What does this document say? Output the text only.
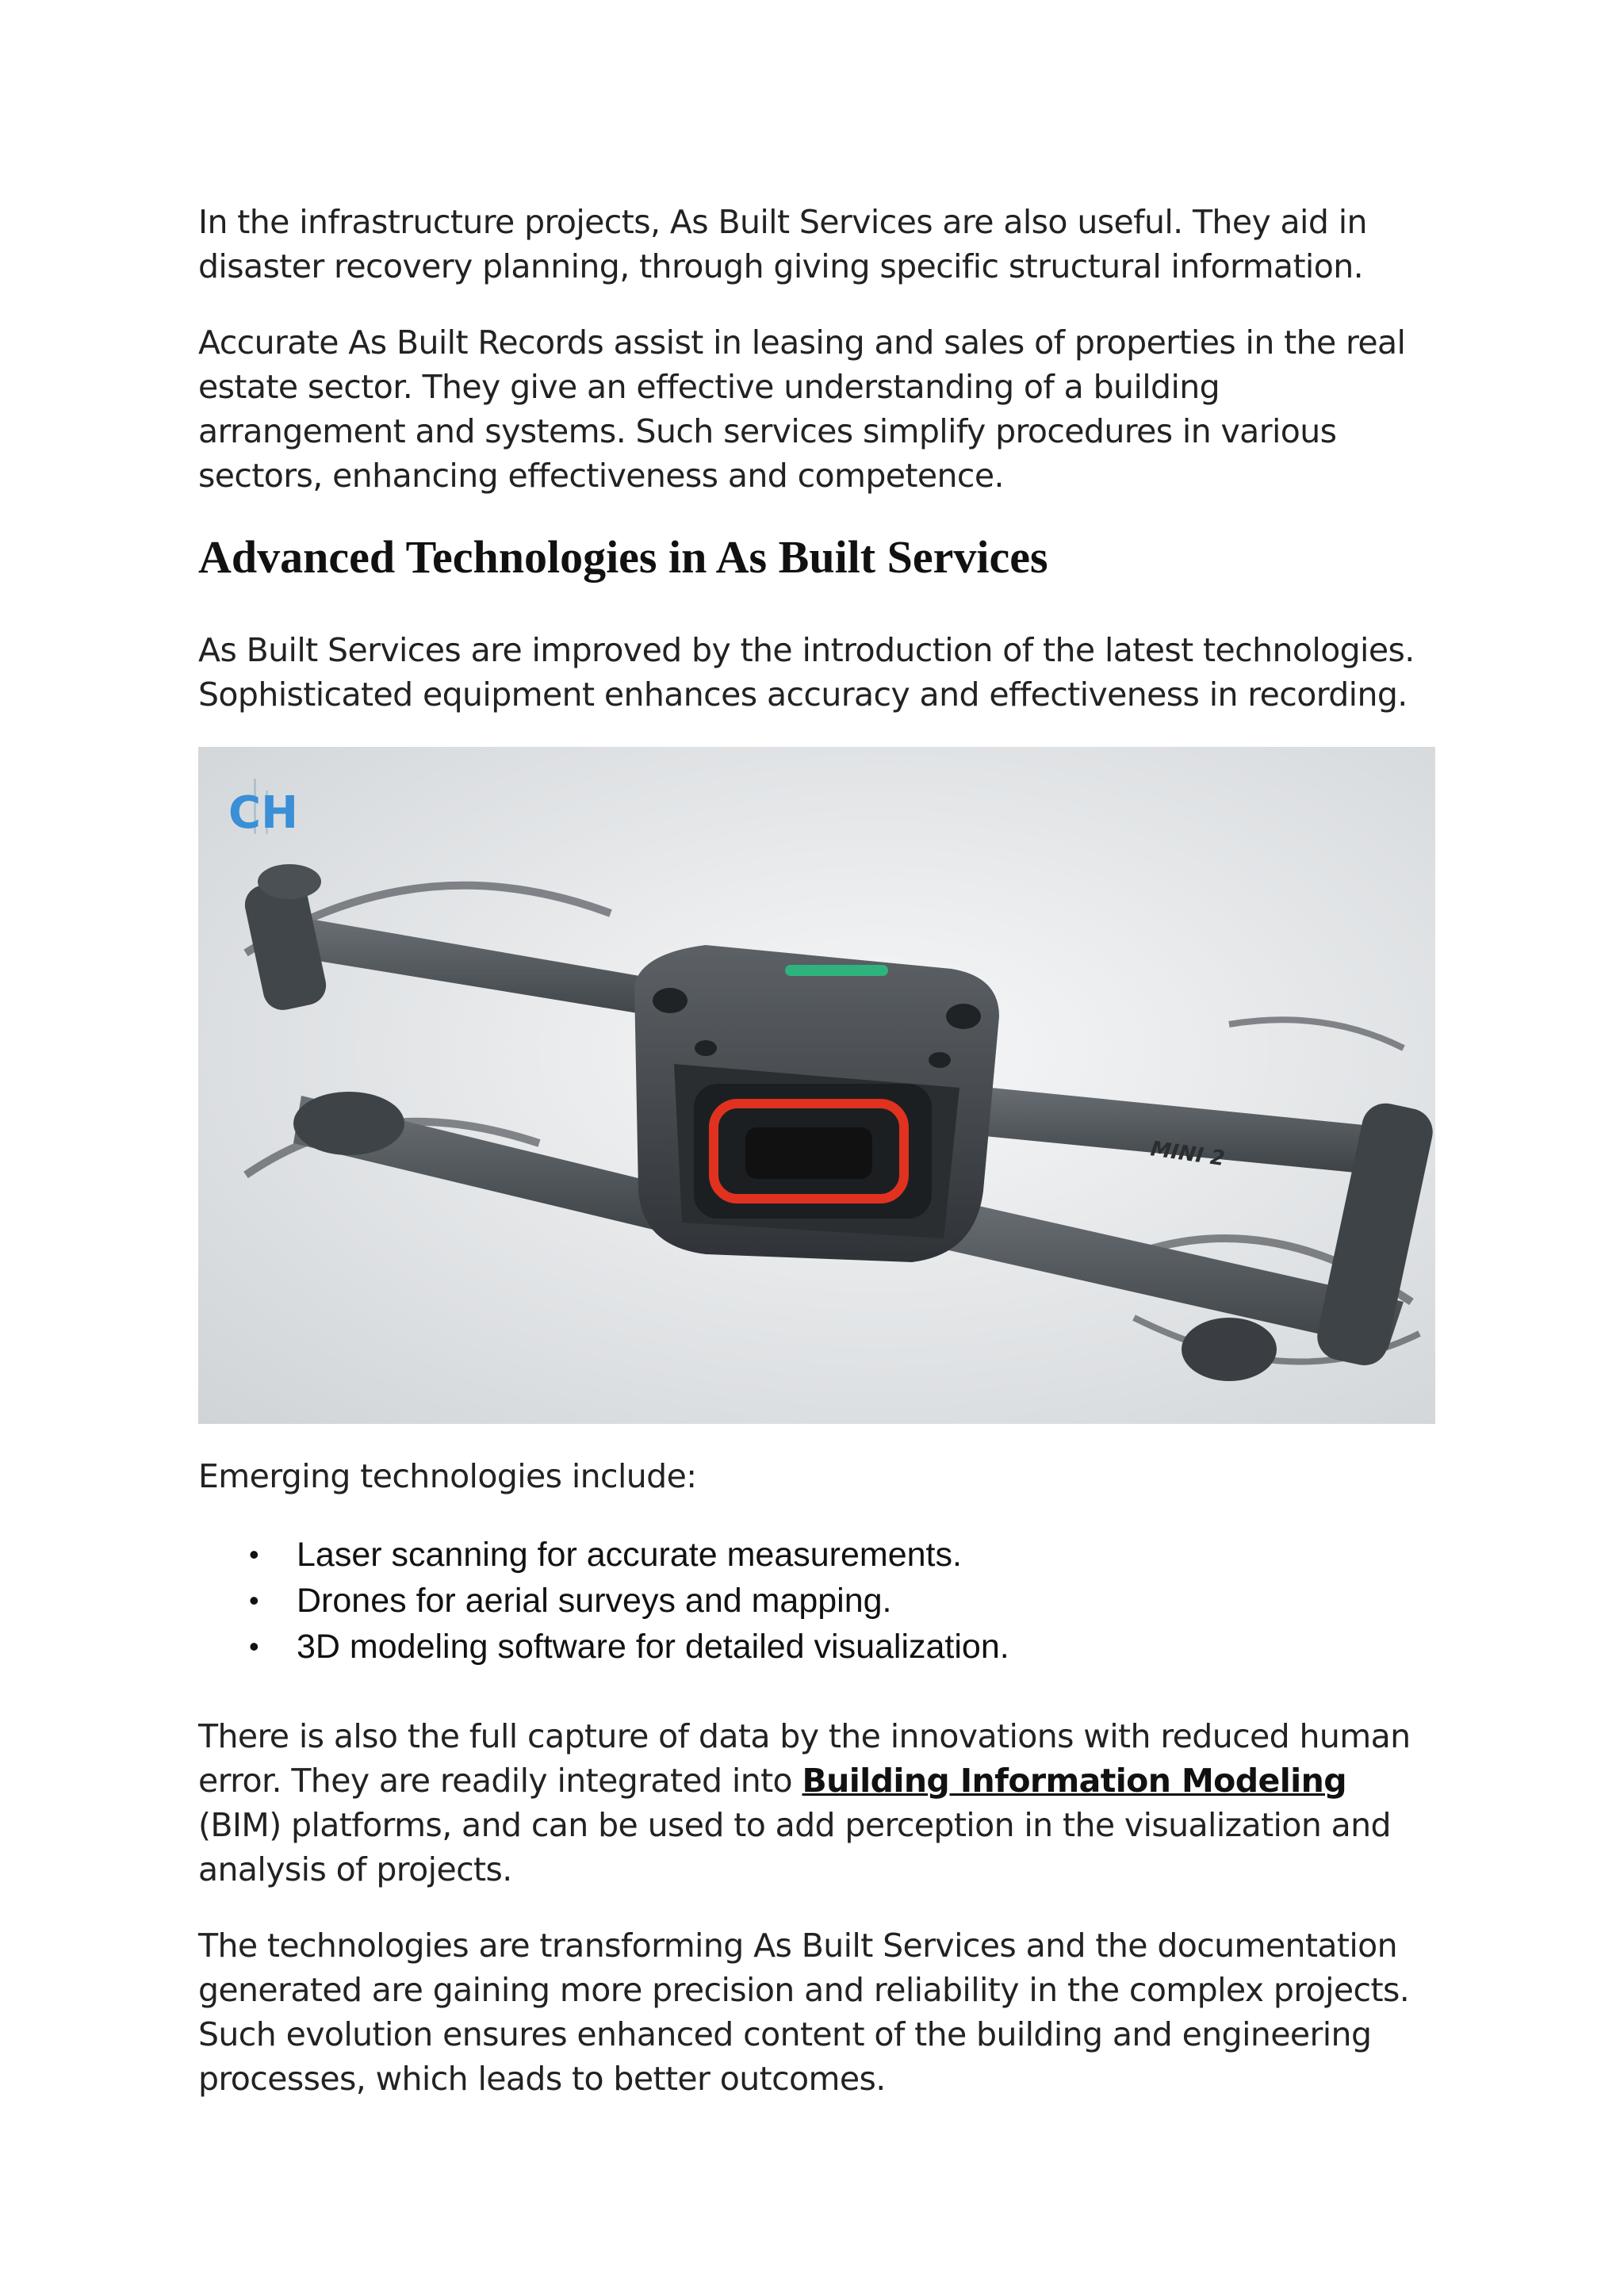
In the infrastructure projects, As Built Services are also useful. They aid in disaster recovery planning, through giving specific structural information.

Accurate As Built Records assist in leasing and sales of properties in the real estate sector. They give an effective understanding of a building arrangement and systems. Such services simplify procedures in various sectors, enhancing effectiveness and competence.

Advanced Technologies in As Built Services

As Built Services are improved by the introduction of the latest technologies. Sophisticated equipment enhances accuracy and effectiveness in recording.

CH
MINI 2

Emerging technologies include:

• Laser scanning for accurate measurements.
• Drones for aerial surveys and mapping.
• 3D modeling software for detailed visualization.

There is also the full capture of data by the innovations with reduced human error. They are readily integrated into Building Information Modeling (BIM) platforms, and can be used to add perception in the visualization and analysis of projects.

The technologies are transforming As Built Services and the documentation generated are gaining more precision and reliability in the complex projects. Such evolution ensures enhanced content of the building and engineering processes, which leads to better outcomes.
